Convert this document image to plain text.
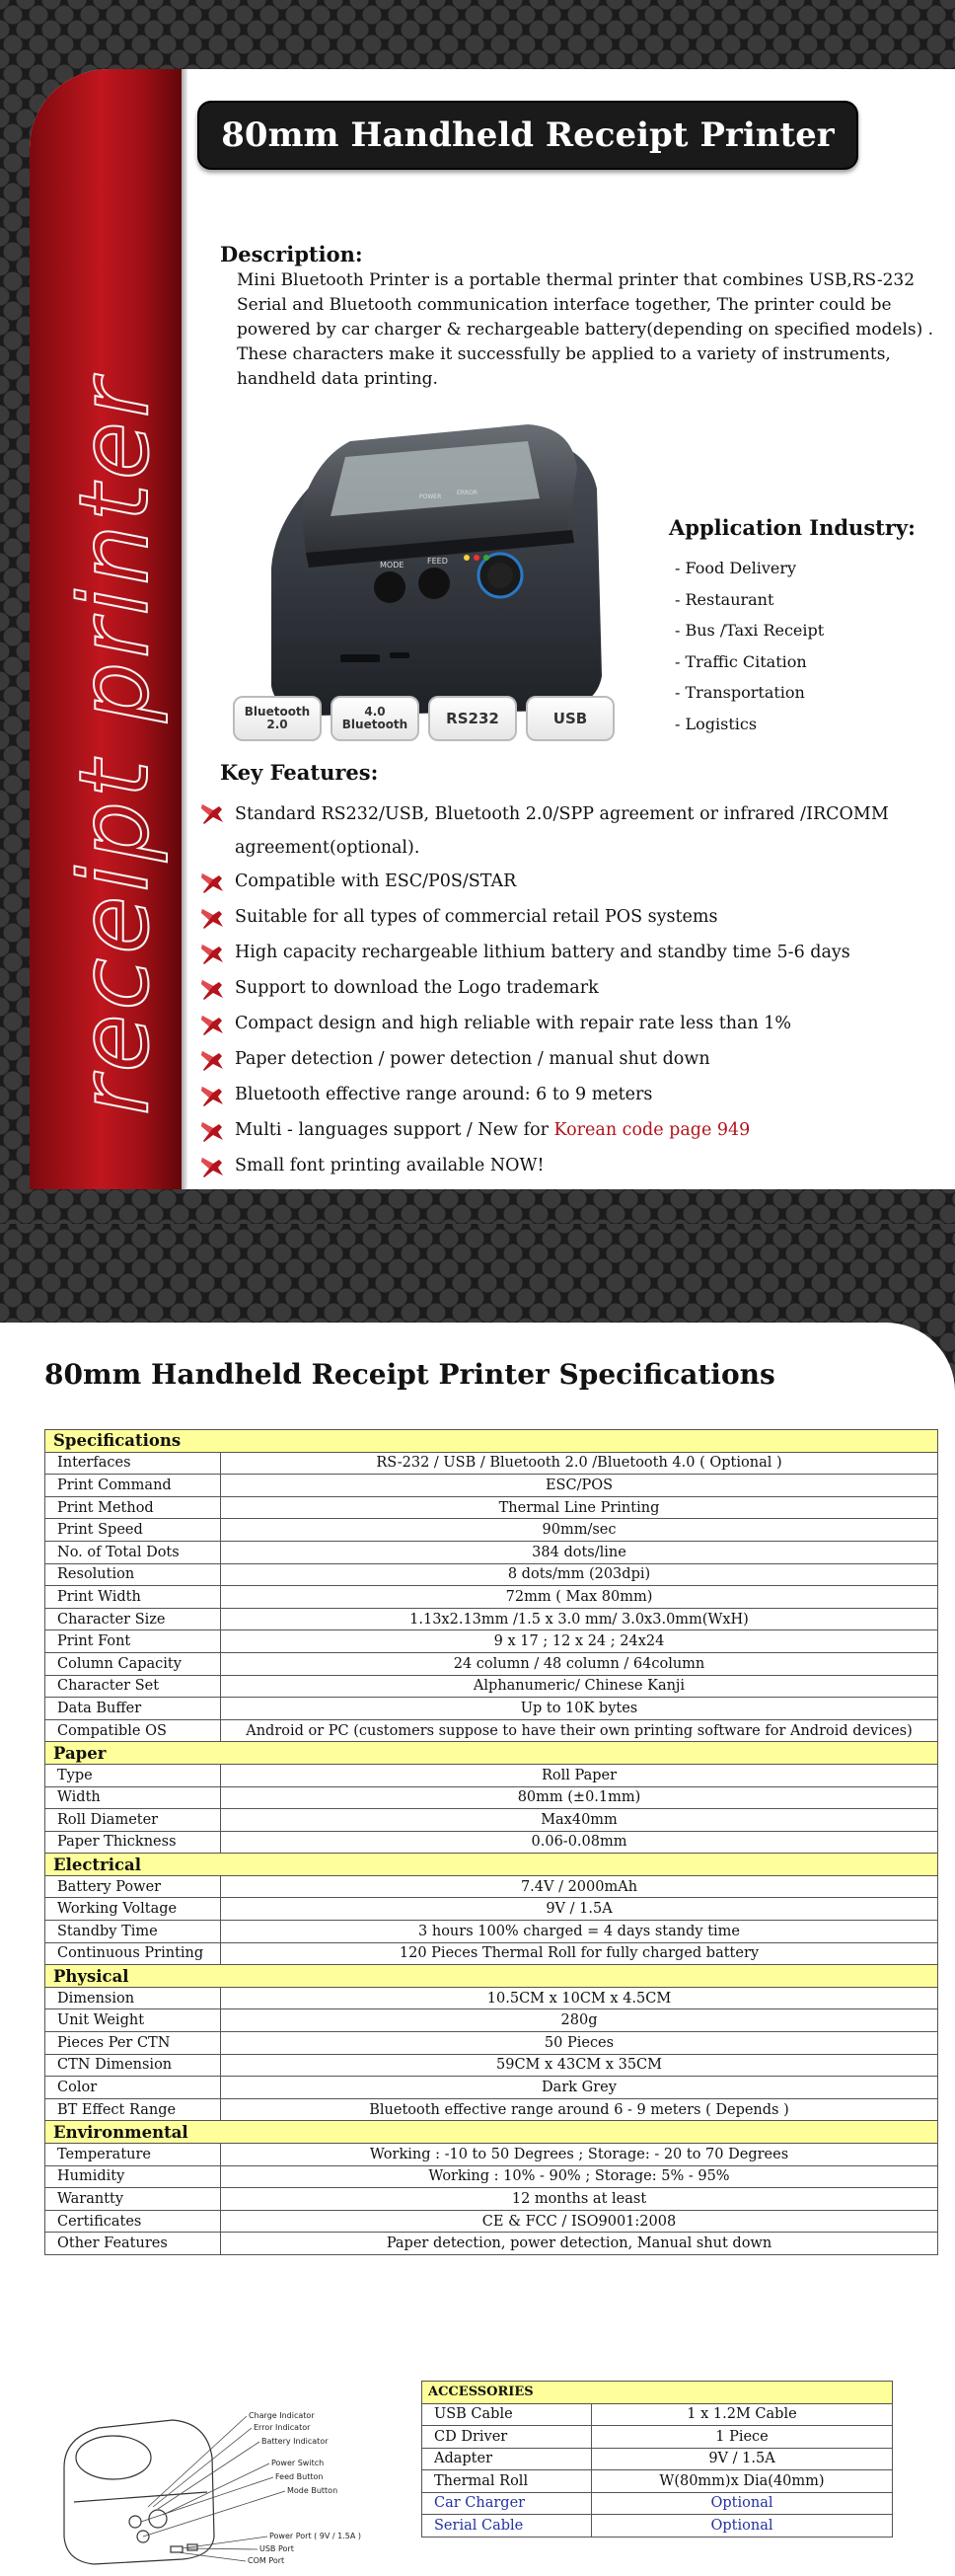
receipt printer
80mm Handheld Receipt Printer
Description:

Mini Bluetooth Printer is a portable thermal printer that combines USB,RS-232 Serial and Bluetooth communication interface together, The printer could be powered by car charger & rechargeable battery(depending on specified models) . These characters make it successfully be applied to a variety of instruments, handheld data printing.

MODE	FEED
POWER
ERROR
Bluetooth 2.0
4.0 Bluetooth	RS232	USB
Application Industry:
- Food Delivery
- Restaurant
- Bus /Taxi Receipt
- Traffic Citation
- Transportation
- Logistics
Key Features:
Standard RS232/USB, Bluetooth 2.0/SPP agreement or infrared /IRCOMM agreement(optional).
Compatible with ESC/P0S/STAR
Suitable for all types of commercial retail POS systems
High capacity rechargeable lithium battery and standby time 5-6 days
Support to download the Logo trademark
Compact design and high reliable with repair rate less than 1%
Paper detection / power detection / manual shut down
Bluetooth effective range around: 6 to 9 meters
Multi - languages support / New for Korean code page 949
Small font printing available NOW!
80mm Handheld Receipt Printer Specifications
Specifications	
Interfaces	RS-232 / USB / Bluetooth 2.0 /Bluetooth 4.0 ( Optional )
Print Command	ESC/POS
Print Method	Thermal Line Printing
Print Speed	90mm/sec
No. of Total Dots	384 dots/line
Resolution	8 dots/mm (203dpi)
Print Width	72mm ( Max 80mm)
Character Size	1.13x2.13mm /1.5 x 3.0 mm/ 3.0x3.0mm(WxH)
Print Font	9 x 17 ; 12 x 24 ; 24x24
Column Capacity	24 column / 48 column / 64column
Character Set	Alphanumeric/ Chinese Kanji
Data Buffer	Up to 10K bytes
Compatible OS	Android or PC (customers suppose to have their own printing software for Android devices)
Paper	
Type	Roll Paper
Width	80mm (±0.1mm)
Roll Diameter	Max40mm
Paper Thickness	0.06-0.08mm
Electrical	
Battery Power	7.4V / 2000mAh
Working Voltage	9V / 1.5A
Standby Time	3 hours 100% charged = 4 days standy time
Continuous Printing	120 Pieces Thermal Roll for fully charged battery
Physical	
Dimension	10.5CM x 10CM x 4.5CM
Unit Weight	280g
Pieces Per CTN	50 Pieces
CTN Dimension	59CM x 43CM x 35CM
Color	Dark Grey
BT Effect Range	Bluetooth effective range around 6 - 9 meters ( Depends )
Environmental	
Temperature	Working : -10 to 50 Degrees ; Storage: - 20 to 70 Degrees
Humidity	Working : 10% - 90% ; Storage: 5% - 95%
Warantty	12 months at least
Certificates	CE & FCC / ISO9001:2008
Other Features	Paper detection, power detection, Manual shut down
Charge Indicator
Error Indicator
Battery Indicator
Power Switch
Feed Button
Mode Button
Power Port ( 9V / 1.5A )
USB Port
COM Port
ACCESSORIES	
USB Cable	1 x 1.2M Cable
CD Driver	1 Piece
Adapter	9V / 1.5A
Thermal Roll	W(80mm)x Dia(40mm)
Car Charger	Optional
Serial Cable	Optional
